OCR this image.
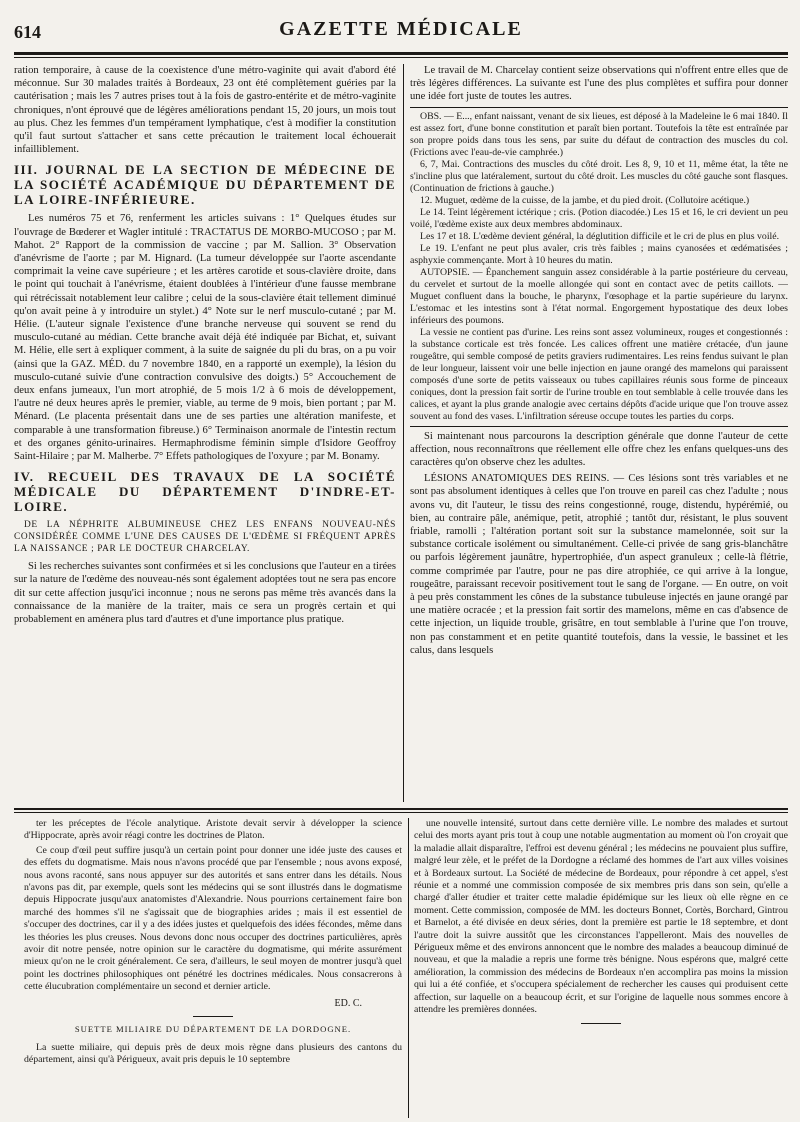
614	GAZETTE MÉDICALE

ration temporaire, à cause de la coexistence d'une métro-vaginite qui avait d'abord été méconnue. Sur 30 malades traités à Bordeaux, 23 ont été complètement guéries par la cautérisation ; mais les 7 autres prises tout à la fois de gastro-entérite et de métro-vaginite chroniques, n'ont éprouvé que de légères améliorations pendant 15, 20 jours, un mois tout au plus. Chez les femmes d'un tempérament lymphatique, c'est à modifier la constitution qu'il faut surtout s'attacher et sans cette précaution le traitement local échouerait infailliblement.

III. JOURNAL DE LA SECTION DE MÉDECINE DE LA SOCIÉTÉ ACADÉMIQUE DU DÉPARTEMENT DE LA LOIRE-INFÉRIEURE.

Les numéros 75 et 76, renferment les articles suivans : 1° Quelques études sur l'ouvrage de Bœderer et Wagler intitulé : TRACTATUS DE MORBO-MUCOSO ; par M. Mahot. 2° Rapport de la commission de vaccine ; par M. Sallion. 3° Observation d'anévrisme de l'aorte ; par M. Hignard. (La tumeur développée sur l'aorte ascendante comprimait la veine cave supérieure ; et les artères carotide et sous-clavière droite, dans le point qui touchait à l'anévrisme, étaient doublées à l'intérieur d'une fausse membrane qui rétrécissait notablement leur calibre ; celui de la sous-clavière était tellement diminué qu'on avait peine à y introduire un stylet.) 4° Note sur le nerf musculo-cutané ; par M. Hélie. (L'auteur signale l'existence d'une branche nerveuse qui souvent se rend du musculo-cutané au médian. Cette branche avait déjà été indiquée par Bichat, et, suivant M. Hélie, elle sert à expliquer comment, à la suite de saignée du pli du bras, on a pu voir (ainsi que la GAZ. MÉD. du 7 novembre 1840, en a rapporté un exemple), la lésion du musculo-cutané suivie d'une contraction convulsive des doigts.) 5° Accouchement de deux enfans jumeaux, l'un mort atrophié, de 5 mois 1/2 à 6 mois de développement, l'autre né deux heures après le premier, viable, au terme de 9 mois, bien portant ; par M. Ménard. (Le placenta présentait dans une de ses parties une altération manifeste, et comparable à une transformation fibreuse.) 6° Terminaison anormale de l'intestin rectum et des organes génito-urinaires. Hermaphrodisme féminin simple d'Isidore Geoffroy Saint-Hilaire ; par M. Malherbe. 7° Effets pathologiques de l'oxyure ; par M. Bonamy.

IV. RECUEIL DES TRAVAUX DE LA SOCIÉTÉ MÉDICALE DU DÉPARTEMENT D'INDRE-ET-LOIRE.
DE LA NÉPHRITE ALBUMINEUSE CHEZ LES ENFANS NOUVEAU-NÉS CONSIDÉRÉE COMME L'UNE DES CAUSES DE L'ŒDÈME SI FRÉQUENT APRÈS LA NAISSANCE ; PAR LE DOCTEUR CHARCELAY.

Si les recherches suivantes sont confirmées et si les conclusions que l'auteur en a tirées sur la nature de l'œdème des nouveau-nés sont également adoptées tout ne sera pas encore dit sur cette affection jusqu'ici inconnue ; nous ne serons pas même très avancés dans la connaissance de la manière de la traiter, mais ce sera un progrès certain et qui probablement en aménera plus tard d'autres et d'une importance plus pratique.

Le travail de M. Charcelay contient seize observations qui n'offrent entre elles que de très légères différences. La suivante est l'une des plus complètes et suffira pour donner une idée fort juste de toutes les autres.

OBS. — E..., enfant naissant, venant de six lieues, est déposé à la Madeleine le 6 mai 1840. Il est assez fort, d'une bonne constitution et paraît bien portant. Toutefois la tête est entraînée par son propre poids dans tous les sens, par suite du défaut de contraction des muscles du col. (Frictions avec l'eau-de-vie camphrée.)

6, 7, Mai. Contractions des muscles du côté droit. Les 8, 9, 10 et 11, même état, la tête ne s'incline plus que latéralement, surtout du côté droit. Les muscles du côté gauche sont flasques. (Continuation de frictions à gauche.)

12. Muguet, œdème de la cuisse, de la jambe, et du pied droit. (Collutoire acétique.)

Le 14. Teint légèrement ictérique ; cris. (Potion diacodée.) Les 15 et 16, le cri devient un peu voilé, l'œdème existe aux deux membres abdominaux.

Les 17 et 18. L'œdème devient général, la déglutition difficile et le cri de plus en plus voilé.

Le 19. L'enfant ne peut plus avaler, cris très faibles ; mains cyanosées et œdématisées ; asphyxie commençante. Mort à 10 heures du matin.

AUTOPSIE. — Épanchement sanguin assez considérable à la partie postérieure du cerveau, du cervelet et surtout de la moelle allongée qui sont en contact avec de petits caillots. — Muguet confluent dans la bouche, le pharynx, l'œsophage et la partie supérieure du larynx. L'estomac et les intestins sont à l'état normal. Engorgement hypostatique des deux lobes inférieurs des poumons.

La vessie ne contient pas d'urine. Les reins sont assez volumineux, rouges et congestionnés : la substance corticale est très foncée. Les calices offrent une matière crétacée, d'un jaune rougeâtre, qui semble composé de petits graviers rudimentaires. Les reins fendus suivant le plan de leur longueur, laissent voir une belle injection en jaune orangé des mamelons qui paraissent composés d'une sorte de petits vaisseaux ou tubes capillaires réunis sous forme de pinceaux coniques, dont la pression fait sortir de l'urine trouble en tout semblable à celle trouvée dans les calices, et ayant la plus grande analogie avec certains dépôts d'acide urique que l'on trouve assez souvent au fond des vases. L'infiltration séreuse occupe toutes les parties du corps.

Si maintenant nous parcourons la description générale que donne l'auteur de cette affection, nous reconnaîtrons que réellement elle offre chez les enfans quelques-uns des caractères qu'on observe chez les adultes.

LÉSIONS ANATOMIQUES DES REINS. — Ces lésions sont très variables et ne sont pas absolument identiques à celles que l'on trouve en pareil cas chez l'adulte ; nous avons vu, dit l'auteur, le tissu des reins congestionné, rouge, distendu, hypérémié, ou bien, au contraire pâle, anémique, petit, atrophié ; tantôt dur, résistant, le plus souvent friable, ramolli ; l'altération portant soit sur la substance mamelonnée, soit sur la substance corticale isolément ou simultanément. Celle-ci privée de sang gris-blanchâtre ou parfois légèrement jaunâtre, hypertrophiée, d'un aspect granuleux ; celle-là flétrie, comme comprimée par l'autre, pour ne pas dire atrophiée, ce qui arrive à la longue, rougeâtre, paraissant recevoir positivement tout le sang de l'organe. — En outre, on voit à peu près constamment les cônes de la substance tubuleuse injectés en jaune orangé par une matière ocracée ; et la pression fait sortir des mamelons, même en cas d'absence de cette injection, un liquide trouble, grisâtre, en tout semblable à l'urine que l'on trouve, non pas constamment et en petite quantité toutefois, dans la vessie, le bassinet et les calus, dans lesquels

ter les préceptes de l'école analytique. Aristote devait servir à développer la science d'Hippocrate, après avoir réagi contre les doctrines de Platon.

Ce coup d'œil peut suffire jusqu'à un certain point pour donner une idée juste des causes et des effets du dogmatisme. Mais nous n'avons procédé que par l'ensemble ; nous avons exposé, nous avons raconté, sans nous appuyer sur des autorités et sans entrer dans les détails. Nous n'avons pas dit, par exemple, quels sont les médecins qui se sont illustrés dans le dogmatisme depuis Hippocrate jusqu'aux anatomistes d'Alexandrie. Nous pourrions certainement faire bon marché des hommes s'il ne s'agissait que de biographies arides ; mais il est essentiel de s'occuper des doctrines, car il y a des idées justes et quelquefois des idées fécondes, même dans les théories les plus creuses. Nous devons donc nous occuper des doctrines particulières, après avoir dit notre pensée, notre opinion sur le caractère du dogmatisme, qui mérite assurément mieux qu'on ne le croit généralement. Ce sera, d'ailleurs, le seul moyen de montrer jusqu'à quel point les doctrines philosophiques ont pénétré les doctrines médicales. Nous consacrerons à cette élucubration complémentaire un second et dernier article.

ED. C.
SUETTE MILIAIRE DU DÉPARTEMENT DE LA DORDOGNE.

La suette miliaire, qui depuis près de deux mois règne dans plusieurs des cantons du département, ainsi qu'à Périgueux, avait pris depuis le 10 septembre

une nouvelle intensité, surtout dans cette dernière ville. Le nombre des malades et surtout celui des morts ayant pris tout à coup une notable augmentation au moment où l'on croyait que la maladie allait disparaître, l'effroi est devenu général ; les médecins ne pouvaient plus suffire, malgré leur zèle, et le préfet de la Dordogne a réclamé des hommes de l'art aux villes voisines et à Bordeaux surtout. La Société de médecine de Bordeaux, pour répondre à cet appel, s'est réunie et a nommé une commission composée de six membres pris dans son sein, qu'elle a chargé d'aller étudier et traiter cette maladie épidémique sur les lieux où elle règne en ce moment. Cette commission, composée de MM. les docteurs Bonnet, Cortès, Borchard, Gintrou et Barnelot, a été divisée en deux séries, dont la première est partie le 18 septembre, et dont l'autre doit la suivre aussitôt que les circonstances l'appelleront. Mais des nouvelles de Périgueux même et des environs annoncent que le nombre des malades a beaucoup diminué de nouveau, et que la maladie a repris une forme très bénigne. Nous espérons que, malgré cette amélioration, la commission des médecins de Bordeaux n'en accomplira pas moins la mission qui lui a été confiée, et s'occupera spécialement de rechercher les causes qui produisent cette affection, sur laquelle on a beaucoup écrit, et sur l'origine de laquelle nous sommes encore à attendre les premières données.
